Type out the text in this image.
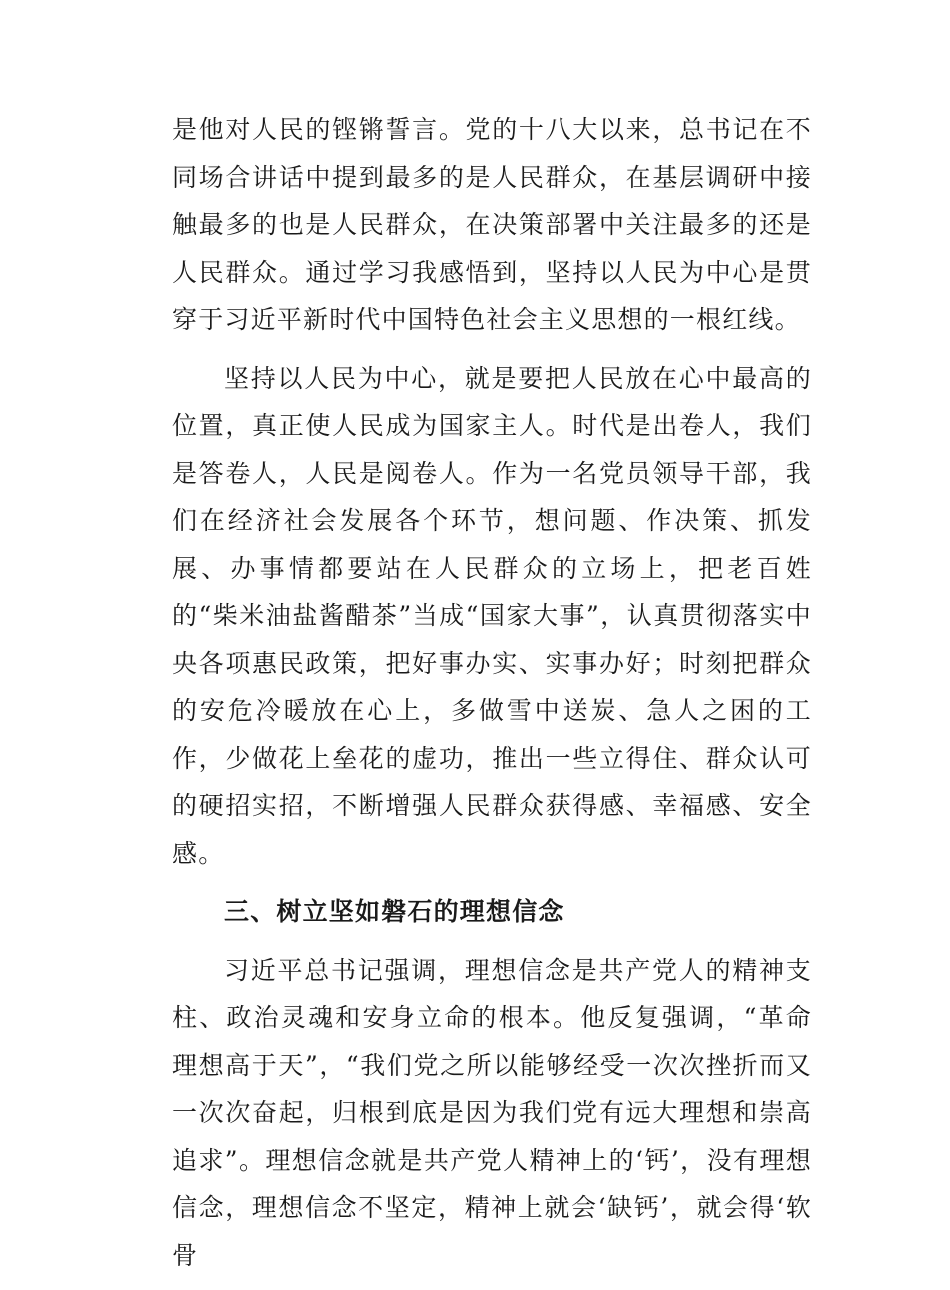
是他对人民的铿锵誓言。党的十八大以来，总书记在不同场合讲话中提到最多的是人民群众，在基层调研中接触最多的也是人民群众，在决策部署中关注最多的还是人民群众。通过学习我感悟到，坚持以人民为中心是贯穿于习近平新时代中国特色社会主义思想的一根红线。

坚持以人民为中心，就是要把人民放在心中最高的位置，真正使人民成为国家主人。时代是出卷人，我们是答卷人，人民是阅卷人。作为一名党员领导干部，我们在经济社会发展各个环节，想问题、作决策、抓发展、办事情都要站在人民群众的立场上，把老百姓的“柴米油盐酱醋茶”当成“国家大事”，认真贯彻落实中央各项惠民政策，把好事办实、实事办好；时刻把群众的安危冷暖放在心上，多做雪中送炭、急人之困的工作，少做花上垒花的虚功，推出一些立得住、群众认可的硬招实招，不断增强人民群众获得感、幸福感、安全感。

三、树立坚如磐石的理想信念

习近平总书记强调，理想信念是共产党人的精神支柱、政治灵魂和安身立命的根本。他反复强调，“革命理想高于天”，“我们党之所以能够经受一次次挫折而又一次次奋起，归根到底是因为我们党有远大理想和崇高追求”。理想信念就是共产党人精神上的‘钙’，没有理想信念，理想信念不坚定，精神上就会‘缺钙’，就会得‘软骨
